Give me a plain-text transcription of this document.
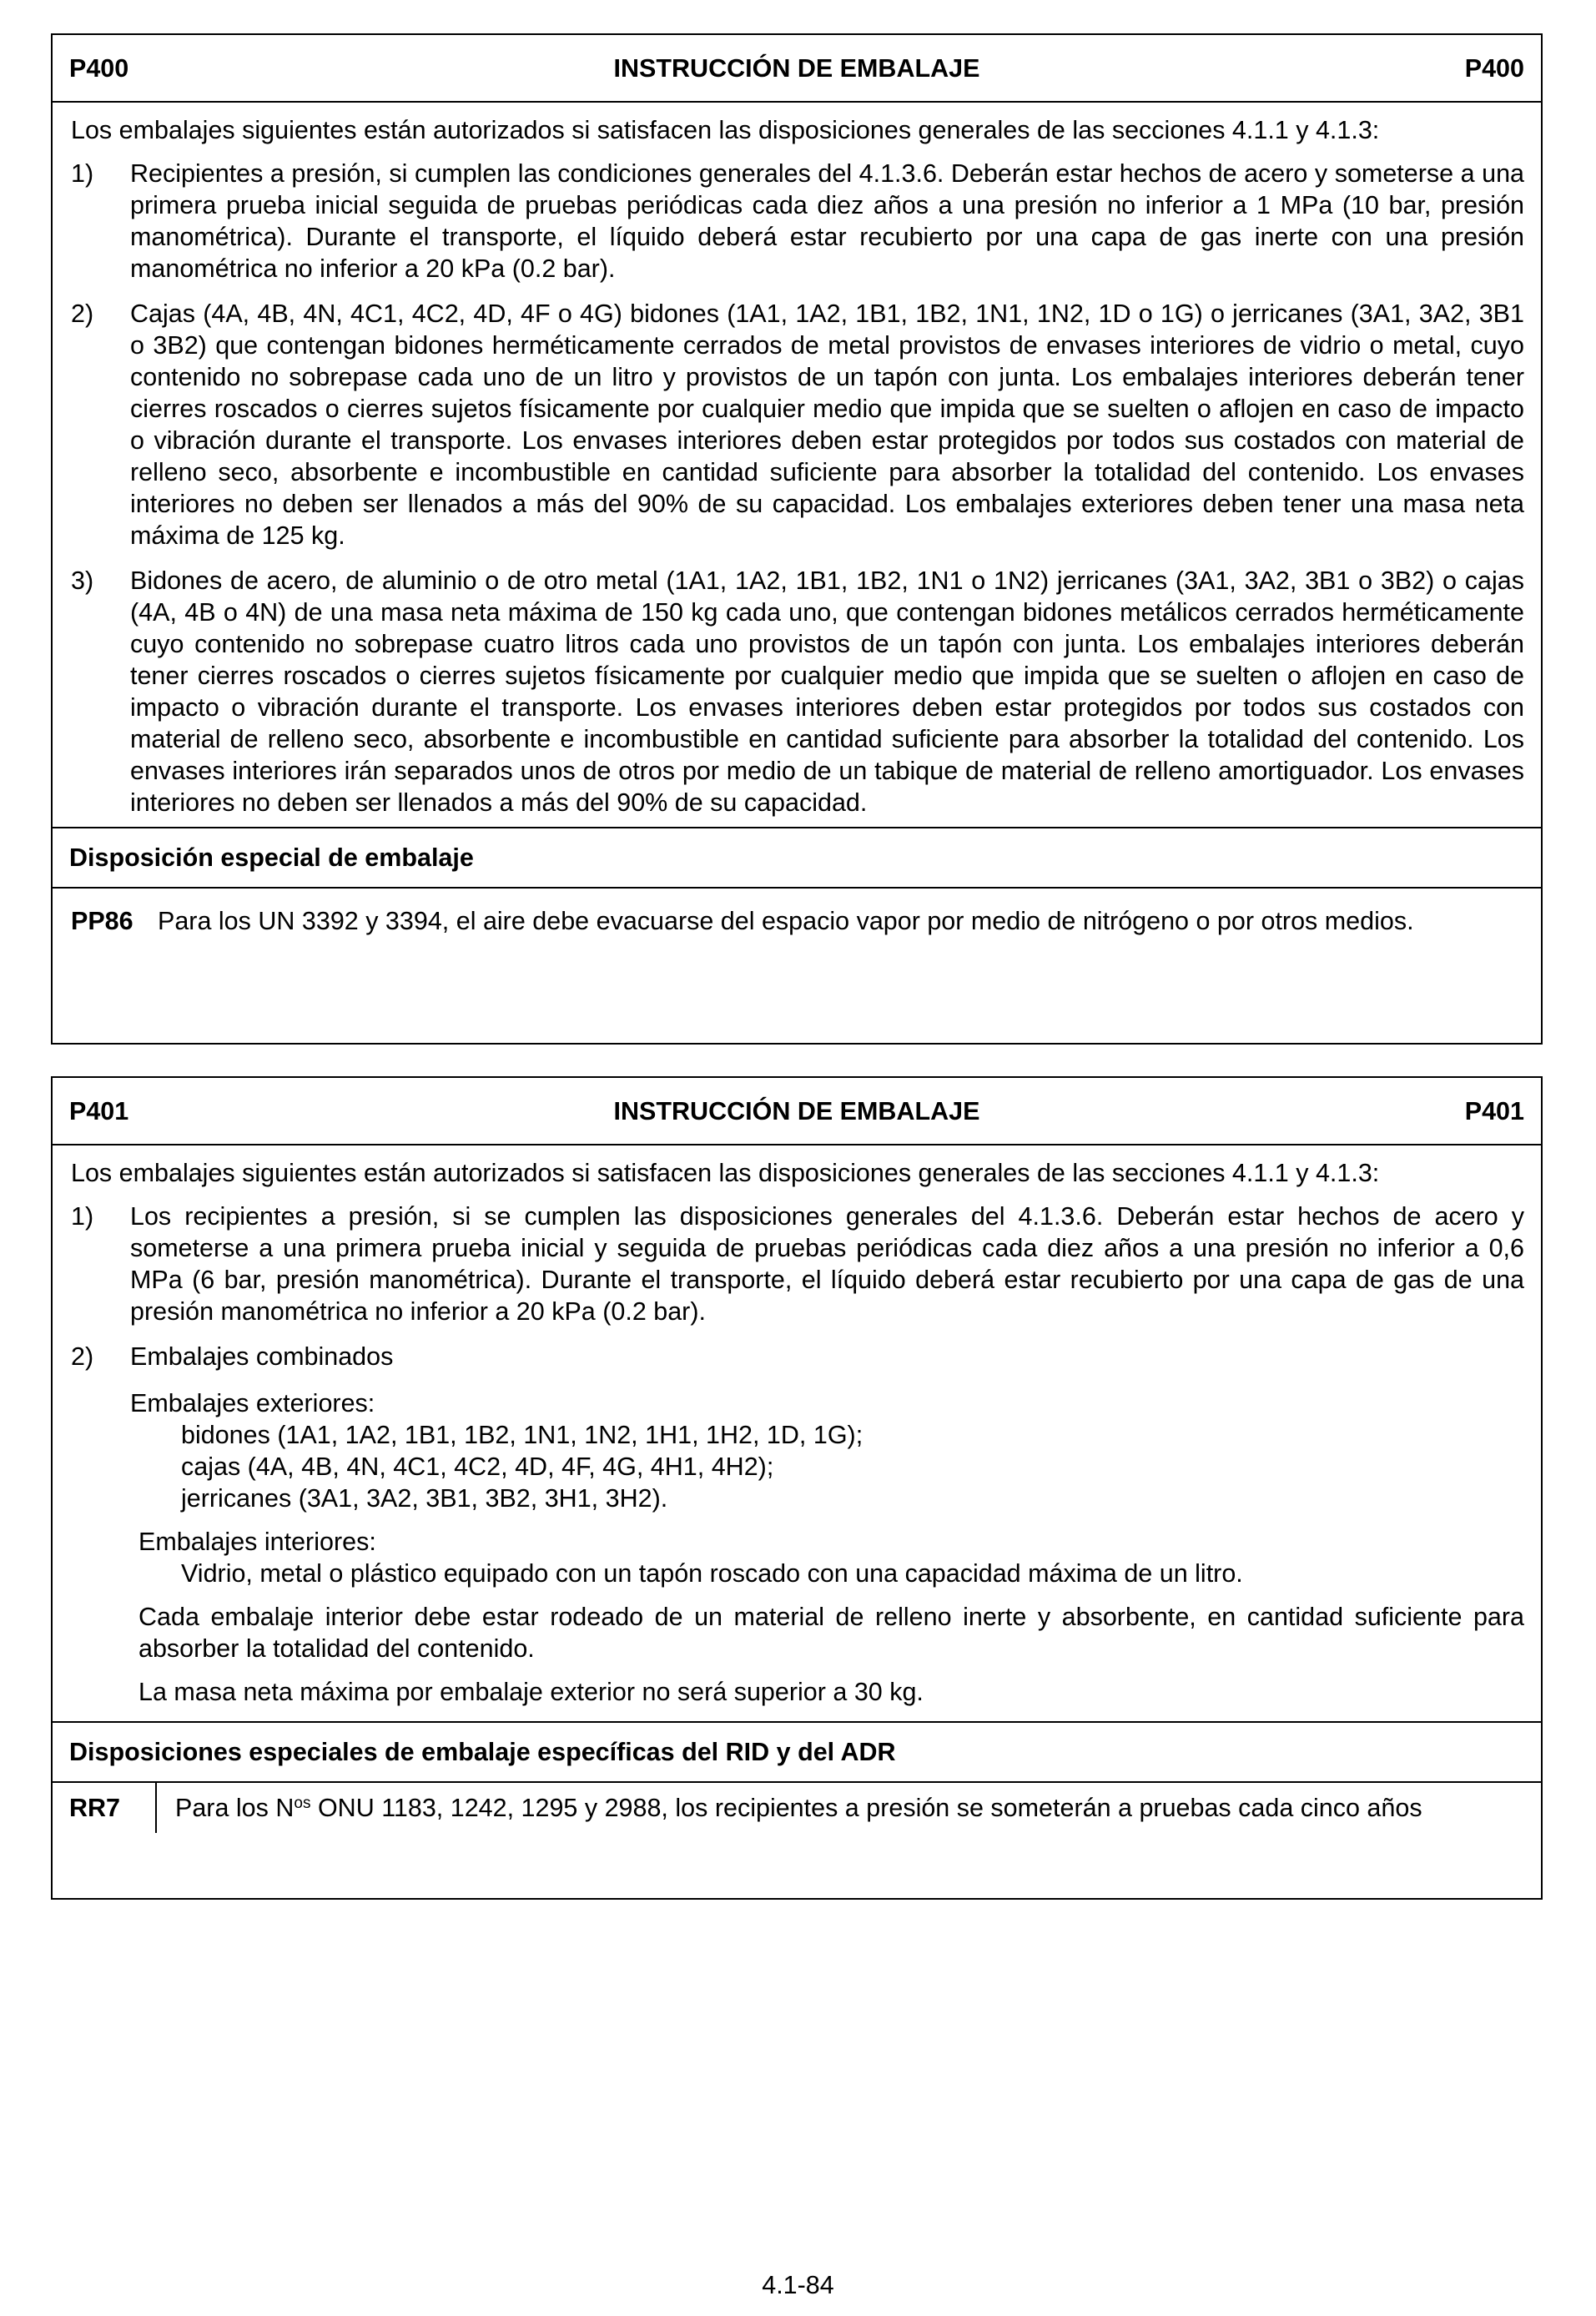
P400	INSTRUCCIÓN DE EMBALAJE	P400

Los embalajes siguientes están autorizados si satisfacen las disposiciones generales de las secciones 4.1.1 y 4.1.3:

1)	Recipientes a presión, si cumplen las condiciones generales del 4.1.3.6. Deberán estar hechos de acero y someterse a una primera prueba inicial seguida de pruebas periódicas cada diez años a una presión no inferior a 1 MPa (10 bar, presión manométrica). Durante el transporte, el líquido deberá estar recubierto por una capa de gas inerte con una presión manométrica no inferior a 20 kPa (0.2 bar).
2)	Cajas (4A, 4B, 4N, 4C1, 4C2, 4D, 4F o 4G) bidones (1A1, 1A2, 1B1, 1B2, 1N1, 1N2, 1D o 1G) o jerricanes (3A1, 3A2, 3B1 o 3B2) que contengan bidones herméticamente cerrados de metal provistos de envases interiores de vidrio o metal, cuyo contenido no sobrepase cada uno de un litro y provistos de un tapón con junta. Los embalajes interiores deberán tener cierres roscados o cierres sujetos físicamente por cualquier medio que impida que se suelten o aflojen en caso de impacto o vibración durante el transporte. Los envases interiores deben estar protegidos por todos sus costados con material de relleno seco, absorbente e incombustible en cantidad suficiente para absorber la totalidad del contenido. Los envases interiores no deben ser llenados a más del 90% de su capacidad. Los embalajes exteriores deben tener una masa neta máxima de 125 kg.
3)	Bidones de acero, de aluminio o de otro metal (1A1, 1A2, 1B1, 1B2, 1N1 o 1N2) jerricanes (3A1, 3A2, 3B1 o 3B2) o cajas (4A, 4B o 4N) de una masa neta máxima de 150 kg cada uno, que contengan bidones metálicos cerrados herméticamente cuyo contenido no sobrepase cuatro litros cada uno provistos de un tapón con junta. Los embalajes interiores deberán tener cierres roscados o cierres sujetos físicamente por cualquier medio que impida que se suelten o aflojen en caso de impacto o vibración durante el transporte. Los envases interiores deben estar protegidos por todos sus costados con material de relleno seco, absorbente e incombustible en cantidad suficiente para absorber la totalidad del contenido. Los envases interiores irán separados unos de otros por medio de un tabique de material de relleno amortiguador. Los envases interiores no deben ser llenados a más del 90% de su capacidad.
Disposición especial de embalaje
PP86 Para los UN 3392 y 3394, el aire debe evacuarse del espacio vapor por medio de nitrógeno o por otros medios.
P401	INSTRUCCIÓN DE EMBALAJE	P401

Los embalajes siguientes están autorizados si satisfacen las disposiciones generales de las secciones 4.1.1 y 4.1.3:

1)	Los recipientes a presión, si se cumplen las disposiciones generales del 4.1.3.6. Deberán estar hechos de acero y someterse a una primera prueba inicial y seguida de pruebas periódicas cada diez años a una presión no inferior a 0,6 MPa (6 bar, presión manométrica). Durante el transporte, el líquido deberá estar recubierto por una capa de gas de una presión manométrica no inferior a 20 kPa (0.2 bar).
2)	Embalajes combinados
Embalajes exteriores:
bidones (1A1, 1A2, 1B1, 1B2, 1N1, 1N2, 1H1, 1H2, 1D, 1G);
cajas (4A, 4B, 4N, 4C1, 4C2, 4D, 4F, 4G, 4H1, 4H2);
jerricanes (3A1, 3A2, 3B1, 3B2, 3H1, 3H2).
Embalajes interiores:
Vidrio, metal o plástico equipado con un tapón roscado con una capacidad máxima de un litro.
Cada embalaje interior debe estar rodeado de un material de relleno inerte y absorbente, en cantidad suficiente para absorber la totalidad del contenido.
La masa neta máxima por embalaje exterior no será superior a 30 kg.
Disposiciones especiales de embalaje específicas del RID y del ADR
RR7	Para los $N^{os}$ ONU 1183, 1242, 1295 y 2988, los recipientes a presión se someterán a pruebas cada cinco años
4.1-84
